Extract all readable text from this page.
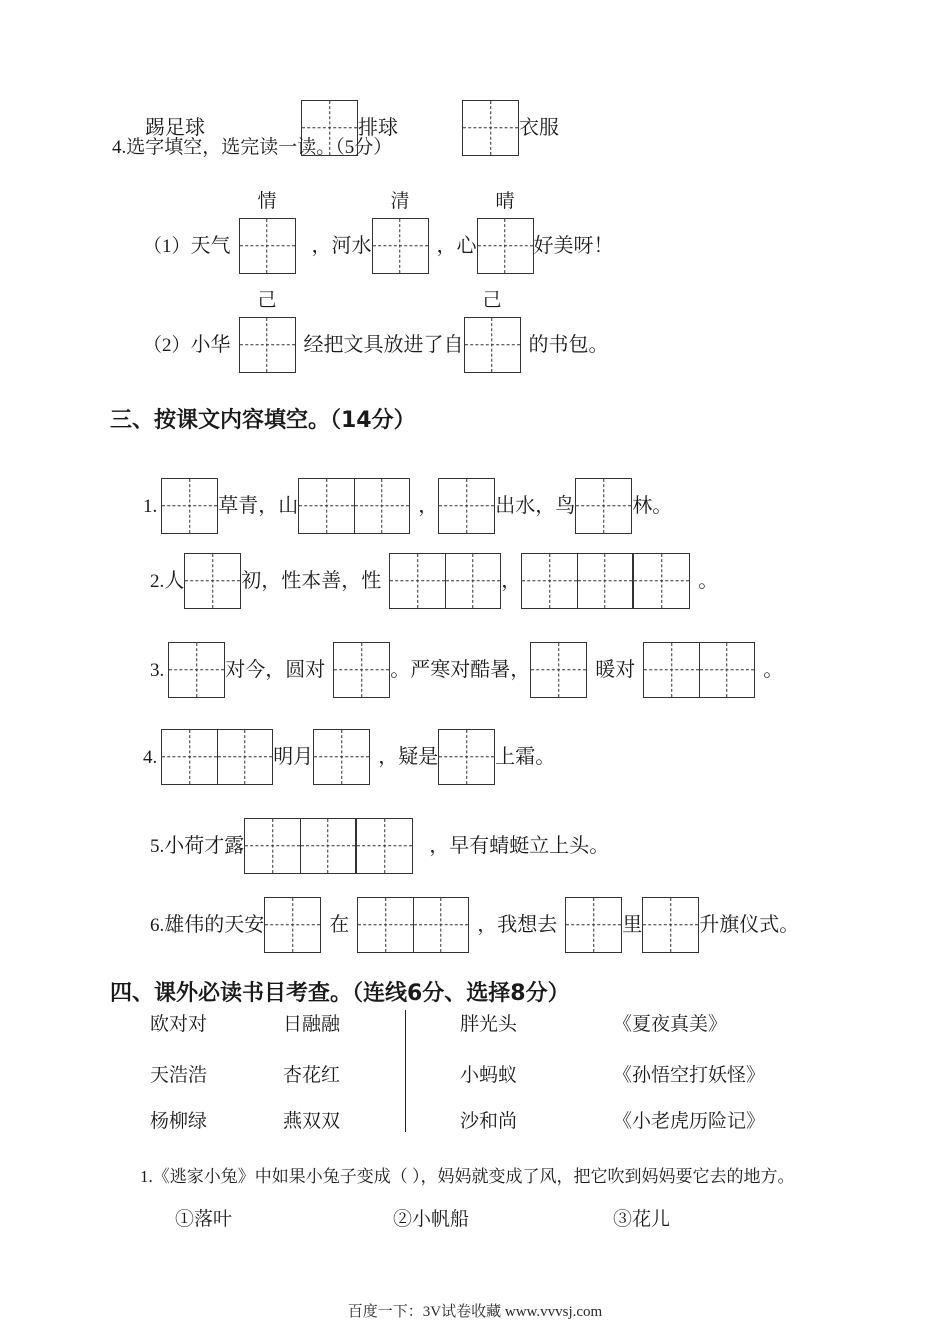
踢足球	排球	衣服
4.选字填空，选完读一读。（5分）
（1） 天气
情
，河水
清
，心
晴
好美呀！
（2） 小华
己
经把文具放进了自
己
的书包。
三、按课文内容填空。（14分）
1.	草青，山	，	出水，鸟	林。
2. 人	初，性本善，性	，	。
3.	对今，圆对	。严寒对酷暑，	暖对	。
4.	明月	，疑是	上霜。
5. 小荷才露	，早有蜻蜓立上头。
6. 雄伟的天安	在	，我想去	里	升旗仪式。
四、课外必读书目考查。（连线6分、选择8分）
欧对对	日融融
天浩浩	杏花红
杨柳绿	燕双双
胖光头	《夏夜真美》
小蚂蚁	《孙悟空打妖怪》
沙和尚	《小老虎历险记》
1. 《逃家小兔》中如果小兔子变成（ ），妈妈就变成了风，把它吹到妈妈要它去的地方。
①落叶	②小帆船	③花儿
百度一下：3V试卷收藏 www.vvvsj.com
